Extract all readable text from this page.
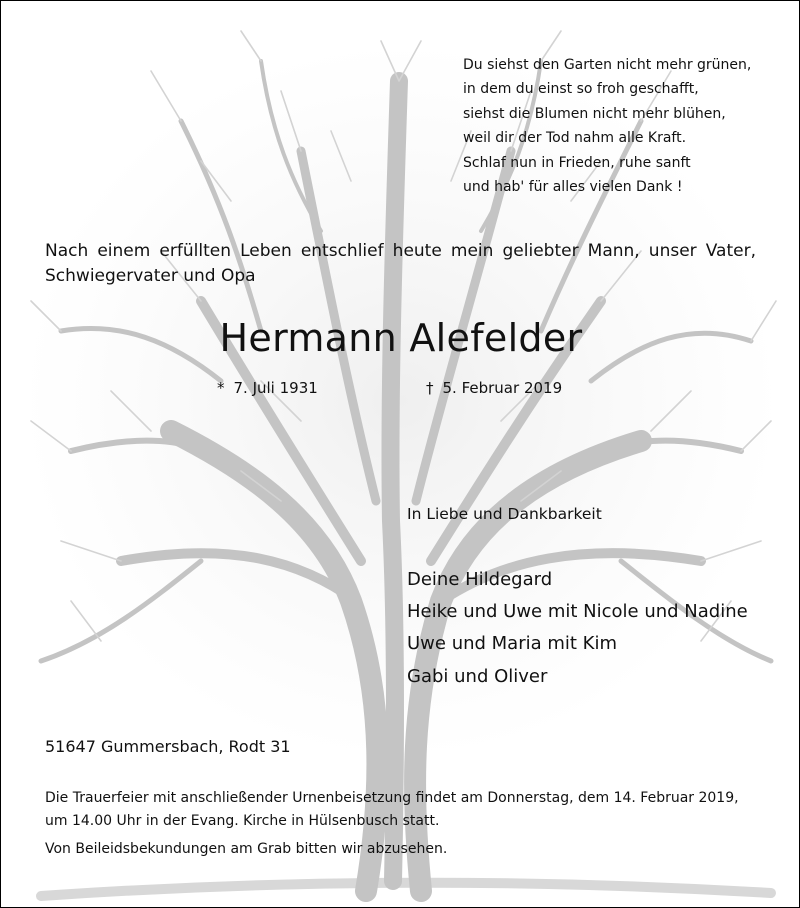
Du siehst den Garten nicht mehr grünen,
in dem du einst so froh geschafft,
siehst die Blumen nicht mehr blühen,
weil dir der Tod nahm alle Kraft.
Schlaf nun in Frieden, ruhe sanft
und hab' für alles vielen Dank !
Nach einem erfüllten Leben entschlief heute mein geliebter Mann, unser Vater, Schwiegervater und Opa
Hermann Alefelder
* 7. Juli 1931	† 5. Februar 2019
In Liebe und Dankbarkeit
Deine Hildegard
Heike und Uwe mit Nicole und Nadine
Uwe und Maria mit Kim
Gabi und Oliver
51647 Gummersbach, Rodt 31
Die Trauerfeier mit anschließender Urnenbeisetzung findet am Donnerstag, dem 14. Februar 2019,
um 14.00 Uhr in der Evang. Kirche in Hülsenbusch statt.
Von Beileidsbekundungen am Grab bitten wir abzusehen.
